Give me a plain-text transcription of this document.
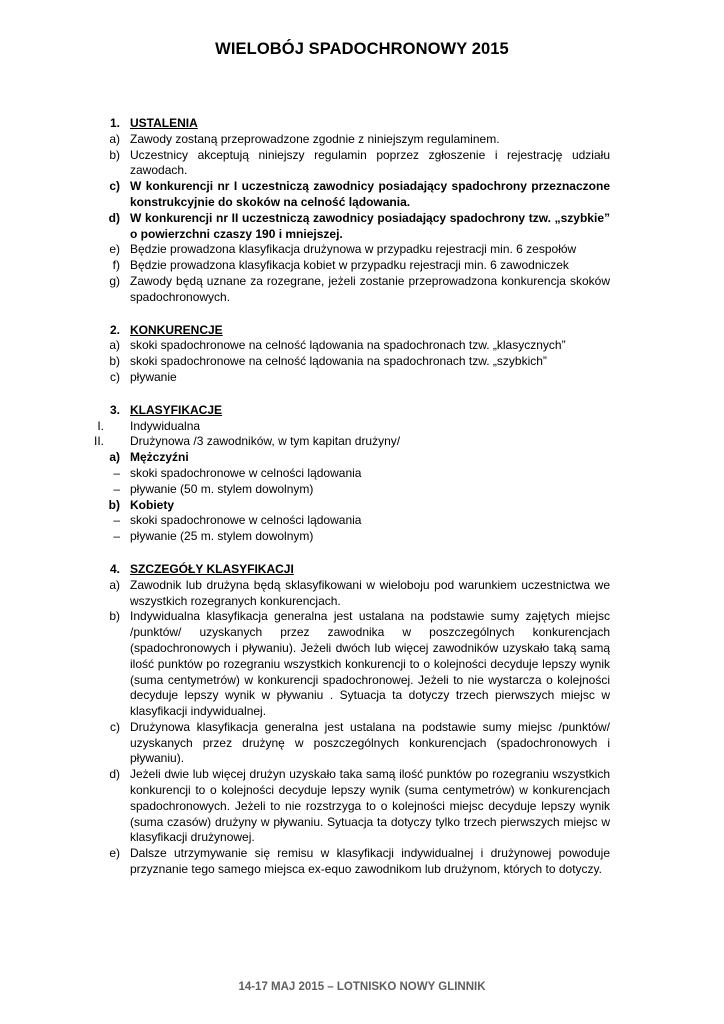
WIELOBÓJ SPADOCHRONOWY 2015
1. USTALENIA
a) Zawody zostaną przeprowadzone zgodnie z niniejszym regulaminem.
b) Uczestnicy akceptują niniejszy regulamin poprzez zgłoszenie i rejestrację udziału zawodach.
c) W konkurencji nr I uczestniczą zawodnicy posiadający spadochrony przeznaczone konstrukcyjnie do skoków na celność lądowania.
d) W konkurencji nr II uczestniczą zawodnicy posiadający spadochrony tzw. „szybkie” o powierzchni czaszy 190 i mniejszej.
e) Będzie prowadzona klasyfikacja drużynowa w przypadku rejestracji min. 6 zespołów
f) Będzie prowadzona klasyfikacja kobiet w przypadku rejestracji min. 6 zawodniczek
g) Zawody będą uznane za rozegrane, jeżeli zostanie przeprowadzona konkurencja skoków spadochronowych.
2. KONKURENCJE
a) skoki spadochronowe na celność lądowania na spadochronach tzw. „klasycznych”
b) skoki spadochronowe na celność lądowania na spadochronach tzw. „szybkich”
c) pływanie
3. KLASYFIKACJE
I. Indywidualna
II. Drużynowa /3 zawodników, w tym kapitan drużyny/
a) Mężczyźni
– skoki spadochronowe w celności lądowania
– pływanie (50 m. stylem dowolnym)
b) Kobiety
– skoki spadochronowe w celności lądowania
– pływanie (25 m. stylem dowolnym)
4. SZCZEGÓŁY KLASYFIKACJI
a) Zawodnik lub drużyna będą sklasyfikowani w wieloboju pod warunkiem uczestnictwa we wszystkich rozegranych konkurencjach.
b) Indywidualna klasyfikacja generalna jest ustalana na podstawie sumy zajętych miejsc /punktów/ uzyskanych przez zawodnika w poszczególnych konkurencjach (spadochronowych i pływaniu). Jeżeli dwóch lub więcej zawodników uzyskało taką samą ilość punktów po rozegraniu wszystkich konkurencji to o kolejności decyduje lepszy wynik (suma centymetrów) w konkurencji spadochronowej. Jeżeli to nie wystarcza o kolejności decyduje lepszy wynik w pływaniu . Sytuacja ta dotyczy trzech pierwszych miejsc w klasyfikacji indywidualnej.
c) Drużynowa klasyfikacja generalna jest ustalana na podstawie sumy miejsc /punktów/ uzyskanych przez drużynę w poszczególnych konkurencjach (spadochronowych i pływaniu).
d) Jeżeli dwie lub więcej drużyn uzyskało taka samą ilość punktów po rozegraniu wszystkich konkurencji to o kolejności decyduje lepszy wynik (suma centymetrów) w konkurencjach spadochronowych. Jeżeli to nie rozstrzyga to o kolejności miejsc decyduje lepszy wynik (suma czasów) drużyny w pływaniu. Sytuacja ta dotyczy tylko trzech pierwszych miejsc w klasyfikacji drużynowej.
e) Dalsze utrzymywanie się remisu w klasyfikacji indywidualnej i drużynowej powoduje przyznanie tego samego miejsca ex-equo zawodnikom lub drużynom, których to dotyczy.
14-17 MAJ 2015 – LOTNISKO NOWY GLINNIK
